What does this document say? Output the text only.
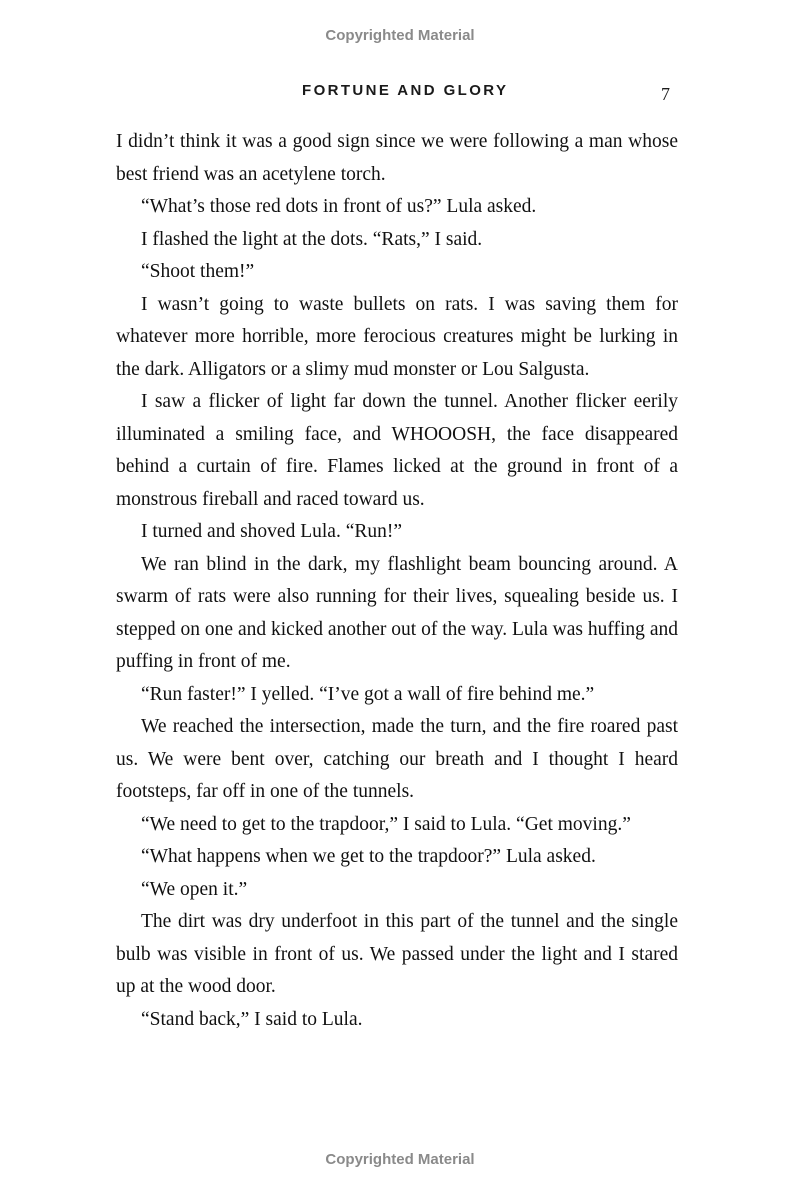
Copyrighted Material
FORTUNE AND GLORY	7

I didn’t think it was a good sign since we were following a man whose best friend was an acetylene torch.

“What’s those red dots in front of us?” Lula asked.

I flashed the light at the dots. “Rats,” I said.

“Shoot them!”

I wasn’t going to waste bullets on rats. I was saving them for whatever more horrible, more ferocious creatures might be lurking in the dark. Alligators or a slimy mud monster or Lou Salgusta.

I saw a flicker of light far down the tunnel. Another flicker eerily illuminated a smiling face, and WHOOOSH, the face disappeared behind a curtain of fire. Flames licked at the ground in front of a monstrous fireball and raced toward us.

I turned and shoved Lula. “Run!”

We ran blind in the dark, my flashlight beam bouncing around. A swarm of rats were also running for their lives, squealing beside us. I stepped on one and kicked another out of the way. Lula was huffing and puffing in front of me.

“Run faster!” I yelled. “I’ve got a wall of fire behind me.”

We reached the intersection, made the turn, and the fire roared past us. We were bent over, catching our breath and I thought I heard footsteps, far off in one of the tunnels.

“We need to get to the trapdoor,” I said to Lula. “Get moving.”

“What happens when we get to the trapdoor?” Lula asked.

“We open it.”

The dirt was dry underfoot in this part of the tunnel and the single bulb was visible in front of us. We passed under the light and I stared up at the wood door.

“Stand back,” I said to Lula.

Copyrighted Material
